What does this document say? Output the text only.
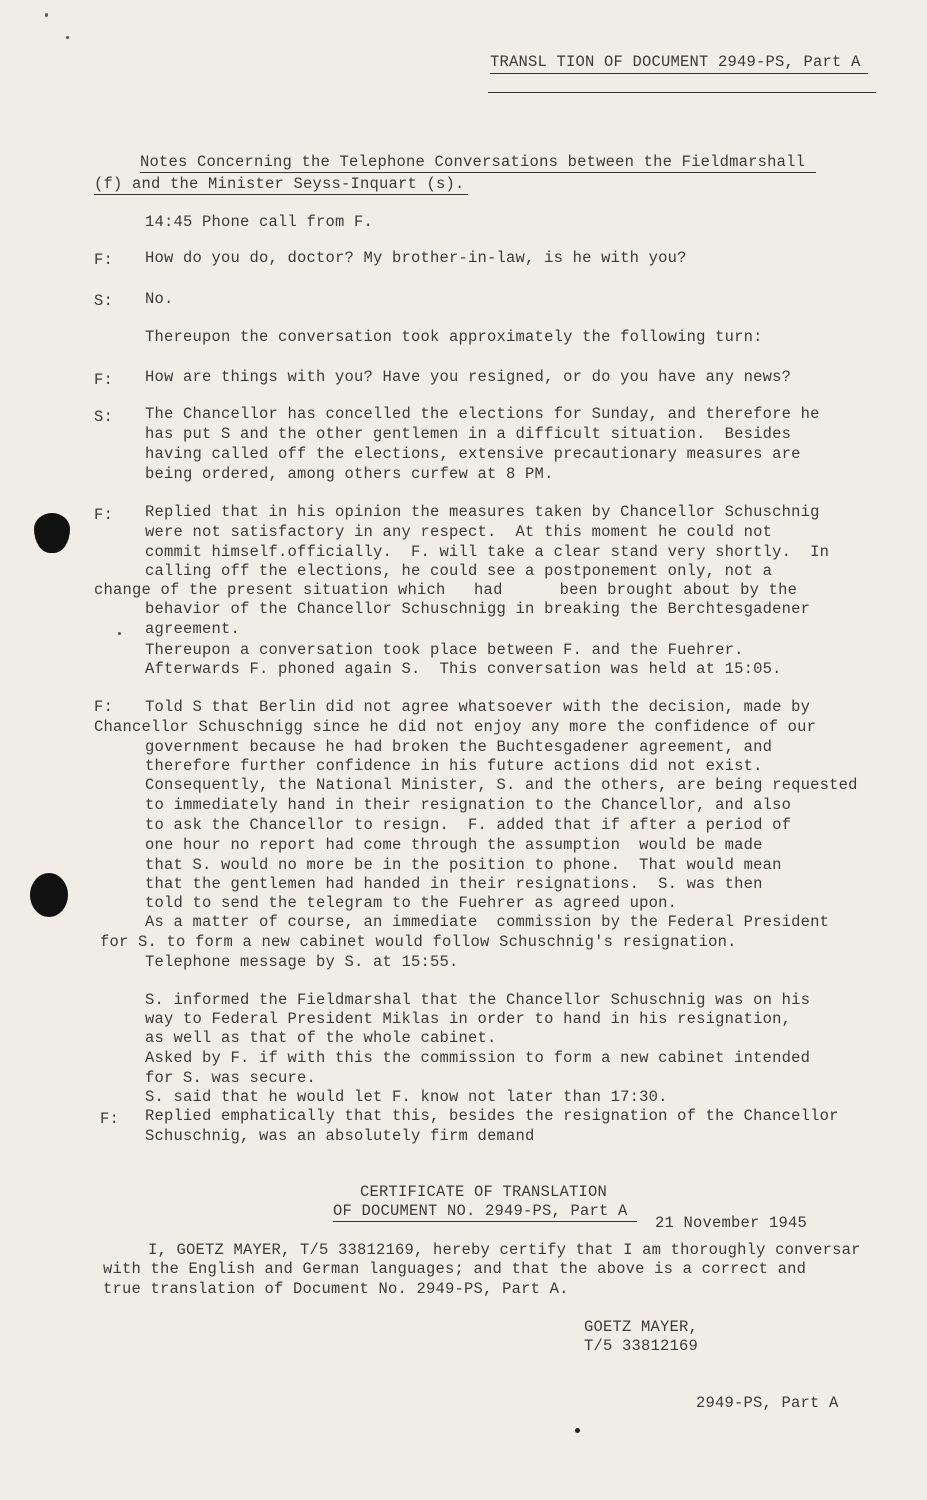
TRANSL TION OF DOCUMENT 2949-PS, Part A
Notes Concerning the Telephone Conversations between the Fieldmarshall
(f) and the Minister Seyss-Inquart (s).
14:45 Phone call from F.
F: How do you do, doctor? My brother-in-law, is he with you?
S: No.
Thereupon the conversation took approximately the following turn:
F: How are things with you? Have you resigned, or do you have any news?
S: The Chancellor has concelled the elections for Sunday, and therefore he
has put S and the other gentlemen in a difficult situation.  Besides
having called off the elections, extensive precautionary measures are
being ordered, among others curfew at 8 PM.
F: Replied that in his opinion the measures taken by Chancellor Schuschnig
were not satisfactory in any respect.  At this moment he could not
commit himself.officially.  F. will take a clear stand very shortly.  In
calling off the elections, he could see a postponement only, not a
change of the present situation which   had      been brought about by the
behavior of the Chancellor Schuschnigg in breaking the Berchtesgadener
agreement.
Thereupon a conversation took place between F. and the Fuehrer.
Afterwards F. phoned again S.  This conversation was held at 15:05.
F: Told S that Berlin did not agree whatsoever with the decision, made by
Chancellor Schuschnigg since he did not enjoy any more the confidence of our
government because he had broken the Buchtesgadener agreement, and
therefore further confidence in his future actions did not exist.
Consequently, the National Minister, S. and the others, are being requested
to immediately hand in their resignation to the Chancellor, and also
to ask the Chancellor to resign.  F. added that if after a period of
one hour no report had come through the assumption  would be made
that S. would no more be in the position to phone.  That would mean
that the gentlemen had handed in their resignations.  S. was then
told to send the telegram to the Fuehrer as agreed upon.
As a matter of course, an immediate  commission by the Federal President
for S. to form a new cabinet would follow Schuschnig's resignation.
Telephone message by S. at 15:55.
S. informed the Fieldmarshal that the Chancellor Schuschnig was on his
way to Federal President Miklas in order to hand in his resignation,
as well as that of the whole cabinet.
Asked by F. if with this the commission to form a new cabinet intended
for S. was secure.
S. said that he would let F. know not later than 17:30.
F: Replied emphatically that this, besides the resignation of the Chancellor
Schuschnig, was an absolutely firm demand
CERTIFICATE OF TRANSLATION
OF DOCUMENT NO. 2949-PS, Part A
21 November 1945
I, GOETZ MAYER, T/5 33812169, hereby certify that I am thoroughly conversar
with the English and German languages; and that the above is a correct and
true translation of Document No. 2949-PS, Part A.
GOETZ MAYER,
T/5 33812169
2949-PS, Part A
